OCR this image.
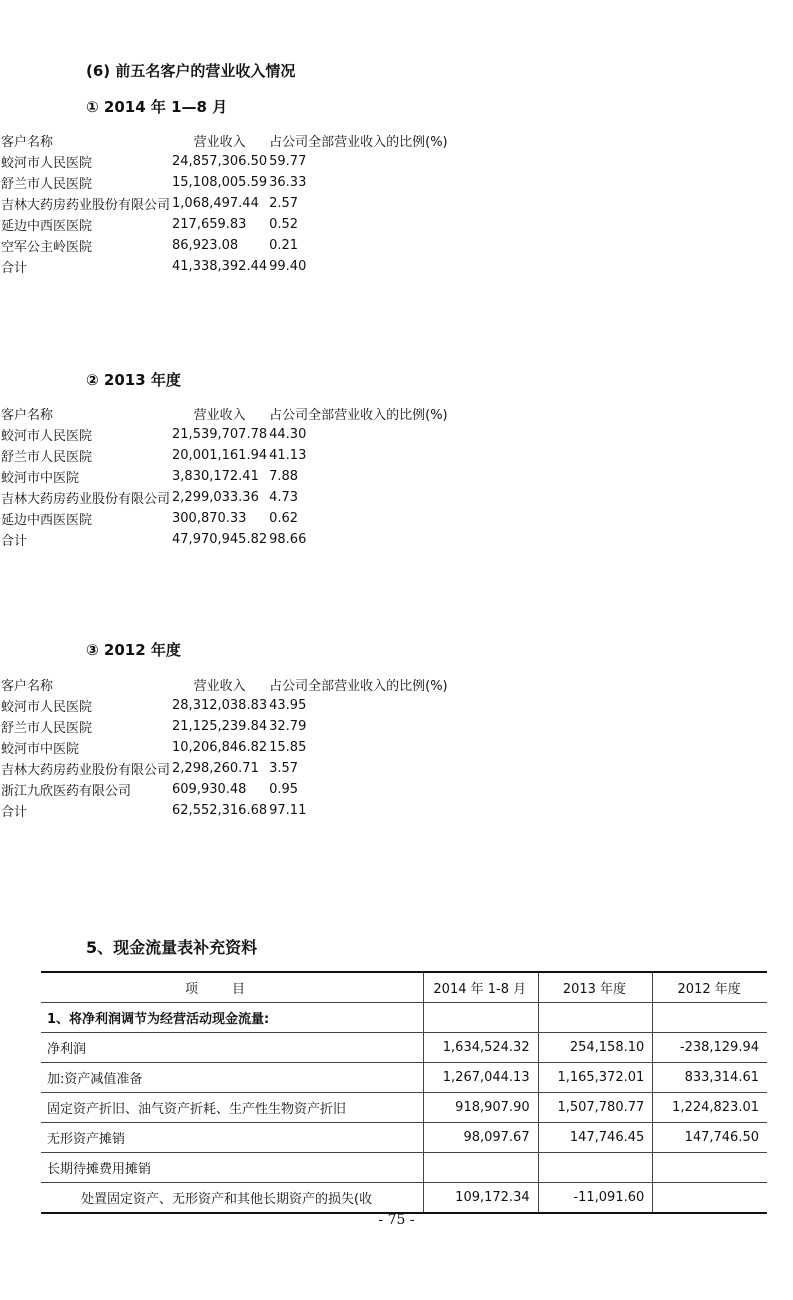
(6) 前五名客户的营业收入情况
① 2014 年 1—8 月
客户名称	营业收入	占公司全部营业收入的比例(%)
蛟河市人民医院	24,857,306.50	59.77
舒兰市人民医院	15,108,005.59	36.33
吉林大药房药业股份有限公司	1,068,497.44	2.57
延边中西医医院	217,659.83	0.52
空军公主岭医院	86,923.08	0.21
合计	41,338,392.44	99.40
② 2013 年度
客户名称	营业收入	占公司全部营业收入的比例(%)
蛟河市人民医院	21,539,707.78	44.30
舒兰市人民医院	20,001,161.94	41.13
蛟河市中医院	3,830,172.41	7.88
吉林大药房药业股份有限公司	2,299,033.36	4.73
延边中西医医院	300,870.33	0.62
合计	47,970,945.82	98.66
③ 2012 年度
客户名称	营业收入	占公司全部营业收入的比例(%)
蛟河市人民医院	28,312,038.83	43.95
舒兰市人民医院	21,125,239.84	32.79
蛟河市中医院	10,206,846.82	15.85
吉林大药房药业股份有限公司	2,298,260.71	3.57
浙江九欣医药有限公司	609,930.48	0.95
合计	62,552,316.68	97.11
5、现金流量表补充资料
项目	2014 年 1-8 月	2013 年度	2012 年度
1、将净利润调节为经营活动现金流量:			
净利润	1,634,524.32	254,158.10	-238,129.94
加:资产减值准备	1,267,044.13	1,165,372.01	833,314.61
固定资产折旧、油气资产折耗、生产性生物资产折旧	918,907.90	1,507,780.77	1,224,823.01
无形资产摊销	98,097.67	147,746.45	147,746.50
长期待摊费用摊销			
处置固定资产、无形资产和其他长期资产的损失(收	109,172.34	-11,091.60	
- 75 -
